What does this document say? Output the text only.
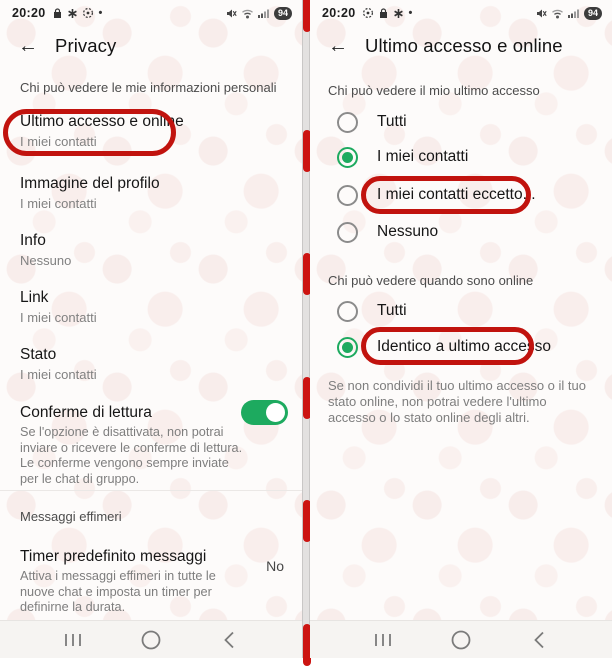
20:20	•	94
← Privacy
Chi può vedere le mie informazioni personali
Ultimo accesso e online
I miei contatti
Immagine del profilo
I miei contatti
Info
Nessuno
Link
I miei contatti
Stato
I miei contatti
Conferme di lettura
Se l'opzione è disattivata, non potrai inviare o ricevere le conferme di lettura. Le conferme vengono sempre inviate per le chat di gruppo.
Messaggi effimeri
Timer predefinito messaggi
Attiva i messaggi effimeri in tutte le nuove chat e imposta un timer per definirne la durata.
No
20:20	•	94
← Ultimo accesso e online
Chi può vedere il mio ultimo accesso
Tutti
I miei contatti
I miei contatti eccetto...
Nessuno
Chi può vedere quando sono online
Tutti
Identico a ultimo accesso
Se non condividi il tuo ultimo accesso o il tuo stato online, non potrai vedere l'ultimo accesso o lo stato online degli altri.
